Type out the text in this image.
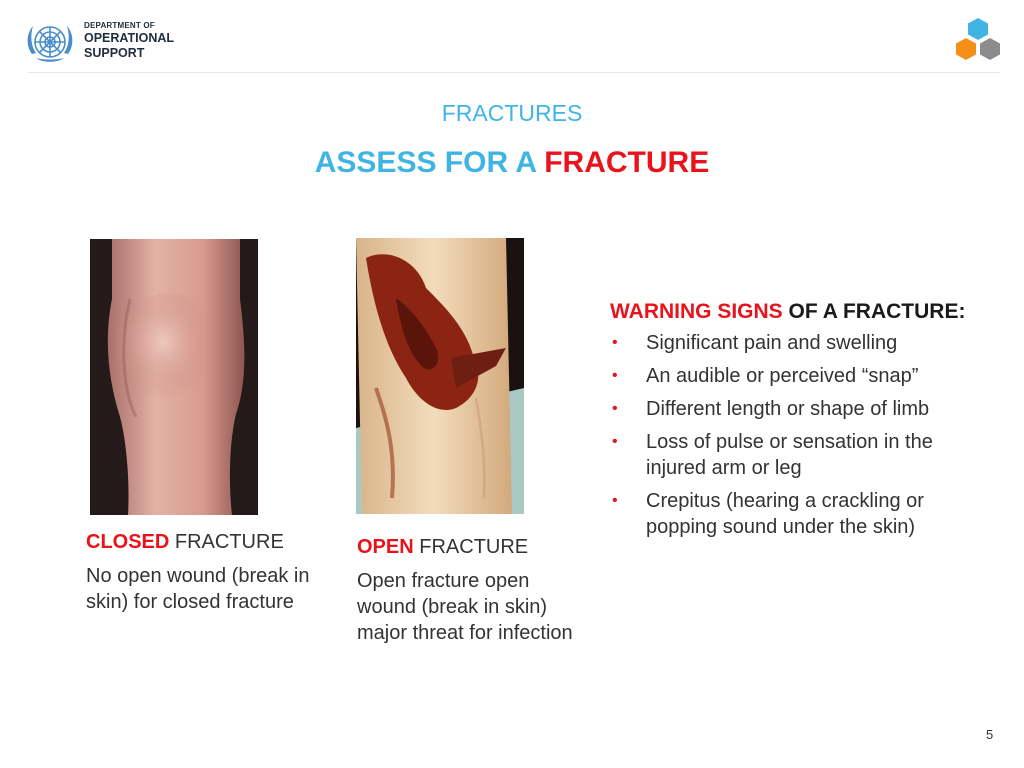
DEPARTMENT OF
OPERATIONAL
SUPPORT
FRACTURES
ASSESS FOR A FRACTURE
CLOSED FRACTURE
No open wound (break in skin) for closed fracture
OPEN FRACTURE
Open fracture open wound (break in skin) major threat for infection
WARNING SIGNS OF A FRACTURE:
• Significant pain and swelling
• An audible or perceived “snap”
• Different length or shape of limb
• Loss of pulse or sensation in the injured arm or leg
• Crepitus (hearing a crackling or popping sound under the skin)
5
